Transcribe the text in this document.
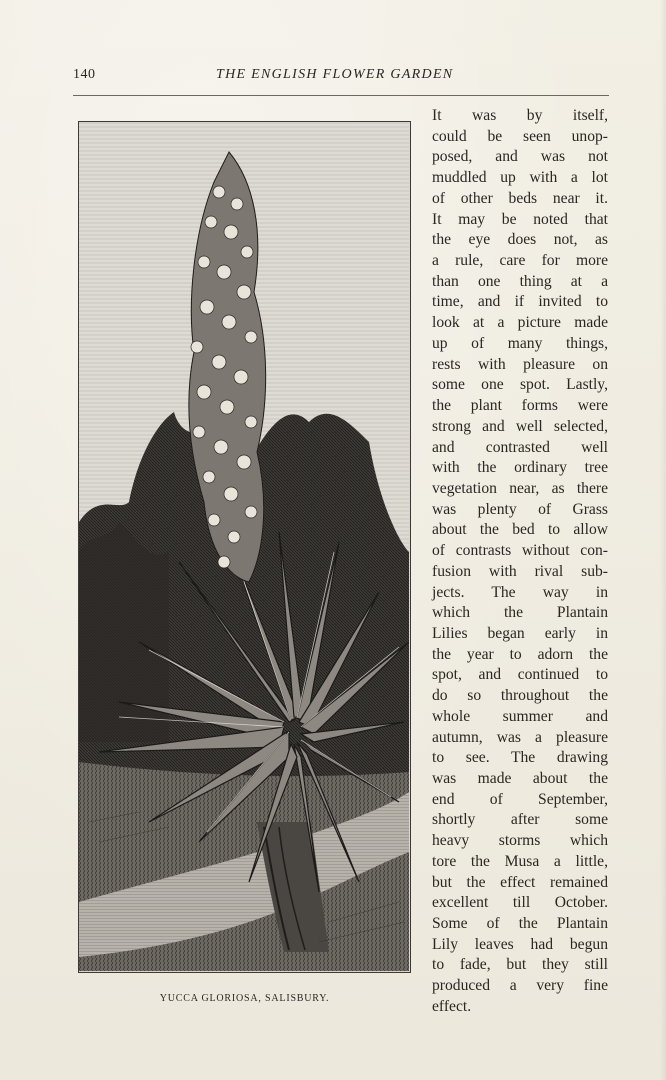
140	THE ENGLISH FLOWER GARDEN
YUCCA GLORIOSA, SALISBURY.
It was by itself,
could be seen unop-
posed, and was not
muddled up with a lot
of other beds near it.
It may be noted that
the eye does not, as
a rule, care for more
than one thing at a
time, and if invited to
look at a picture made
up of many things,
rests with pleasure on
some one spot. Lastly,
the plant forms were
strong and well selected,
and contrasted well
with the ordinary tree
vegetation near, as there
was plenty of Grass
about the bed to allow
of contrasts without con-
fusion with rival sub-
jects. The way in
which the Plantain
Lilies began early in
the year to adorn the
spot, and continued to
do so throughout the
whole summer and
autumn, was a pleasure
to see. The drawing
was made about the
end of September,
shortly after some
heavy storms which
tore the Musa a little,
but the effect remained
excellent till October.
Some of the Plantain
Lily leaves had begun
to fade, but they still
produced a very fine
effect.
